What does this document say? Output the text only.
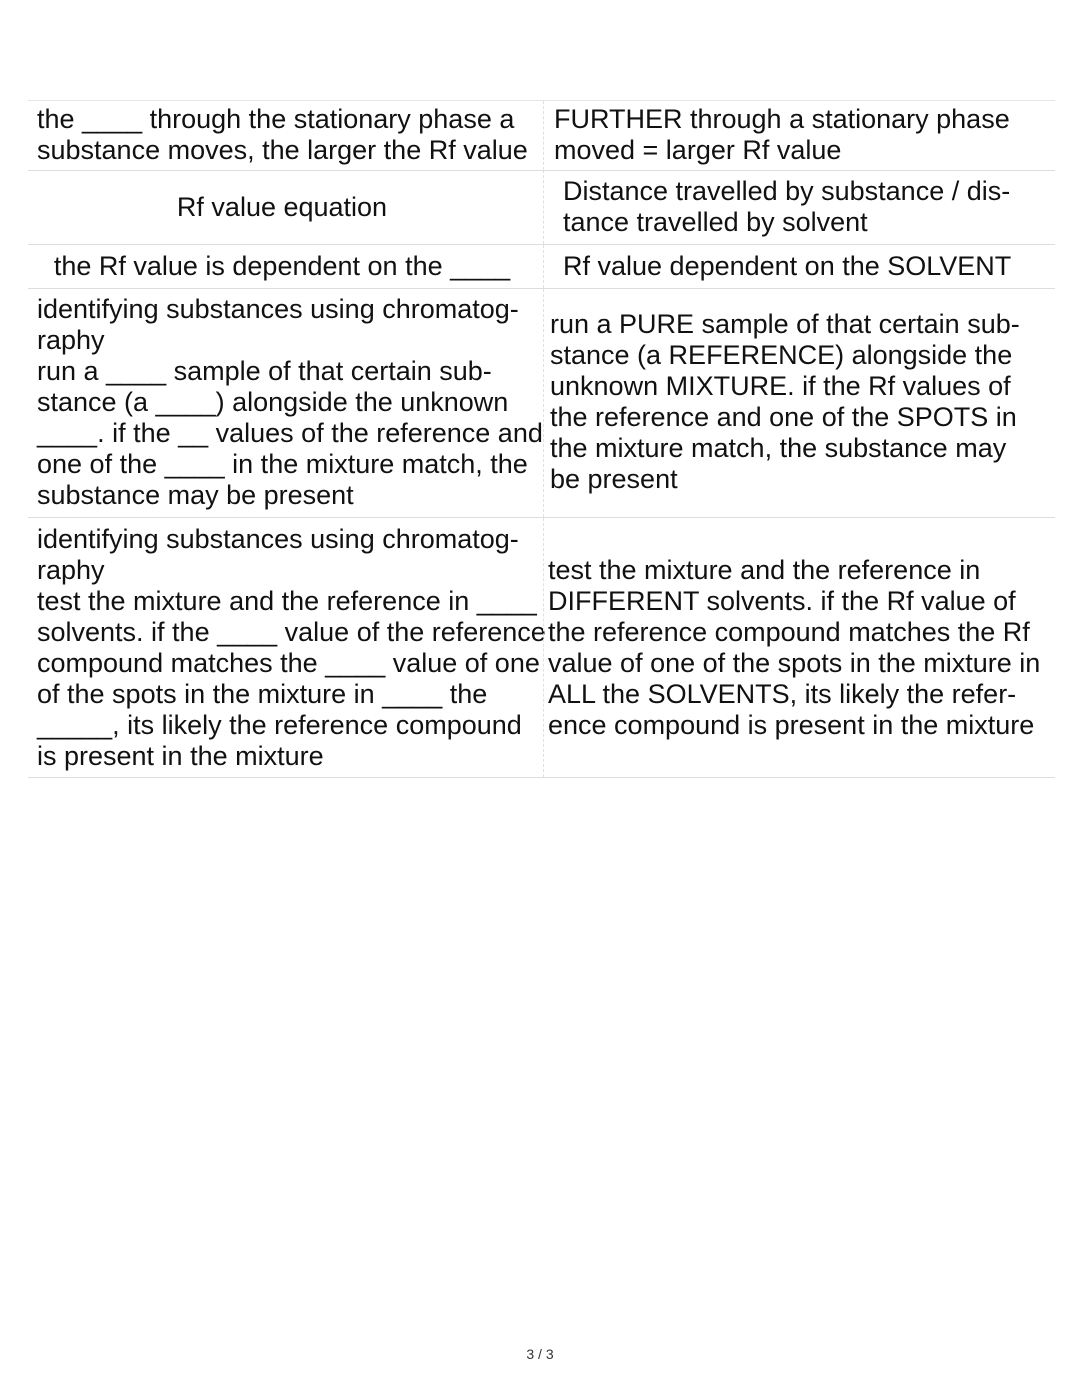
the ____ through the stationary phase a
substance moves, the larger the Rf value
FURTHER through a stationary phase
moved = larger Rf value
Rf value equation
Distance travelled by substance / dis-
tance travelled by solvent
the Rf value is dependent on the ____	Rf value dependent on the SOLVENT
identifying substances using chromatog-
raphy
run a ____ sample of that certain sub-
stance (a ____) alongside the unknown
____. if the __ values of the reference and
one of the ____ in the mixture match, the
substance may be present
run a PURE sample of that certain sub-
stance (a REFERENCE) alongside the
unknown MIXTURE. if the Rf values of
the reference and one of the SPOTS in
the mixture match, the substance may
be present
identifying substances using chromatog-
raphy
test the mixture and the reference in ____
solvents. if the ____ value of the reference
compound matches the ____ value of one
of the spots in the mixture in ____ the
_____, its likely the reference compound
is present in the mixture
test the mixture and the reference in
DIFFERENT solvents. if the Rf value of
the reference compound matches the Rf
value of one of the spots in the mixture in
ALL the SOLVENTS, its likely the refer-
ence compound is present in the mixture
3 / 3
